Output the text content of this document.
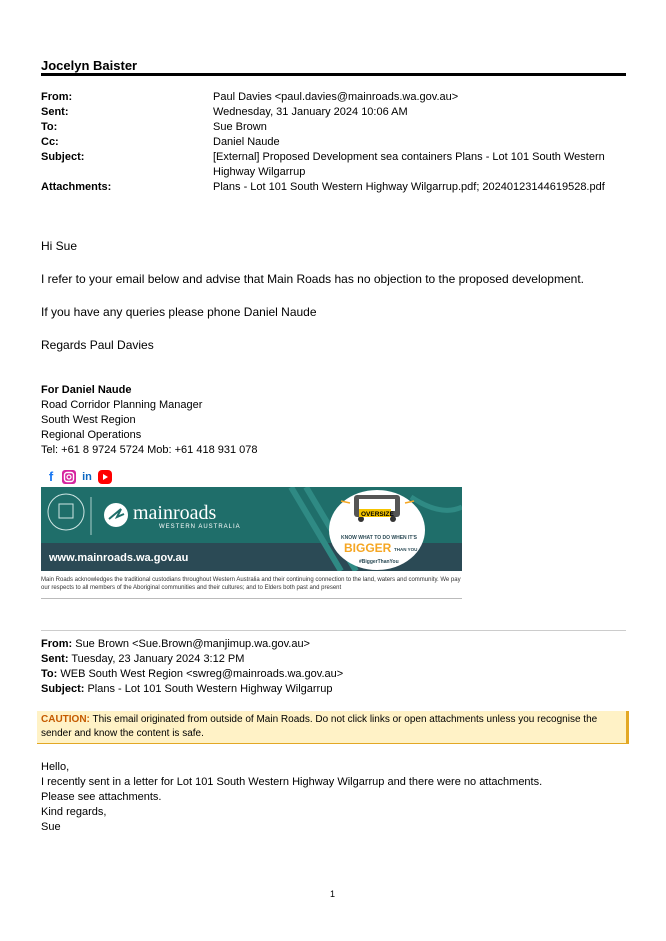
Jocelyn Baister
From:	Paul Davies <paul.davies@mainroads.wa.gov.au>
Sent:	Wednesday, 31 January 2024 10:06 AM
To:	Sue Brown
Cc:	Daniel Naude
Subject:	[External] Proposed Development sea containers Plans - Lot 101 South Western Highway Wilgarrup
Attachments:	Plans - Lot 101 South Western Highway Wilgarrup.pdf; 20240123144619528.pdf
Hi Sue
I refer to your email below and advise that Main Roads has no objection to the proposed development.
If you have any queries please phone Daniel Naude
Regards Paul Davies
For Daniel Naude
Road Corridor Planning Manager
South West Region
Regional Operations
Tel: +61 8 9724 5724 Mob: +61 418 931 078
f	in
mainroads
WESTERN AUSTRALIA
www.mainroads.wa.gov.au
OVERSIZE
KNOW WHAT TO DO WHEN IT'S
BIGGER THAN YOU
#BiggerThanYou
Main Roads acknowledges the traditional custodians throughout Western Australia and their continuing connection to the land, waters and community. We pay our respects to all members of the Aboriginal communities and their cultures; and to Elders both past and present
From: Sue Brown <Sue.Brown@manjimup.wa.gov.au>
Sent: Tuesday, 23 January 2024 3:12 PM
To: WEB South West Region <swreg@mainroads.wa.gov.au>
Subject: Plans - Lot 101 South Western Highway Wilgarrup
CAUTION: This email originated from outside of Main Roads. Do not click links or open attachments unless you recognise the sender and know the content is safe.
Hello,
I recently sent in a letter for Lot 101 South Western Highway Wilgarrup and there were no attachments.
Please see attachments.
Kind regards,
Sue
1
